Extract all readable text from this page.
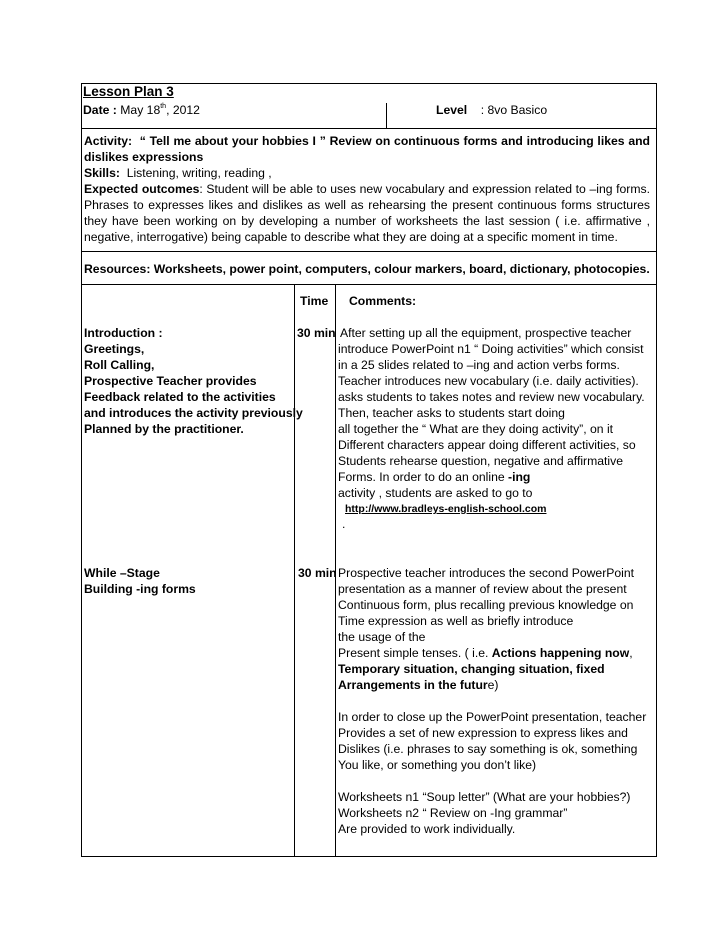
Lesson Plan 3
Date : May 18th, 2012	Level : 8vo Basico
Activity: “ Tell me about your hobbies I ” Review on continuous forms and introducing likes and
dislikes expressions
Skills: Listening, writing, reading ,
Expected outcomes: Student will be able to uses new vocabulary and expression related to –ing forms.
Phrases to expresses likes and dislikes as well as rehearsing the present continuous forms structures
they have been working on by developing a number of worksheets the last session ( i.e. affirmative ,
negative, interrogative) being capable to describe what they are doing at a specific moment in time.
Resources: Worksheets, power point, computers, colour markers, board, dictionary, photocopies.
Time Comments:
Introduction :
Greetings,
Roll Calling,
Prospective Teacher provides
Feedback related to the activities
and introduces the activity previously
Planned by the practitioner.
30 min After setting up all the equipment, prospective teacher
introduce PowerPoint n1 “ Doing activities” which consist
in a 25 slides related to –ing and action verbs forms.
Teacher introduces new vocabulary (i.e. daily activities).
asks students to takes notes and review new vocabulary.
Then, teacher asks to students start doing
all together the “ What are they doing activity”, on it
Different characters appear doing different activities, so
Students rehearse question, negative and affirmative
Forms. In order to do an online -ing
activity , students are asked to go to
http://www.bradleys-english-school.com
.
While –Stage
Building -ing forms
30 min Prospective teacher introduces the second PowerPoint
presentation as a manner of review about the present
Continuous form, plus recalling previous knowledge on
Time expression as well as briefly introduce
the usage of the
Present simple tenses. ( i.e. Actions happening now,
Temporary situation, changing situation, fixed
Arrangements in the future)
In order to close up the PowerPoint presentation, teacher
Provides a set of new expression to express likes and
Dislikes (i.e. phrases to say something is ok, something
You like, or something you don’t like)
Worksheets n1 “Soup letter” (What are your hobbies?)
Worksheets n2 “ Review on -Ing grammar”
Are provided to work individually.
